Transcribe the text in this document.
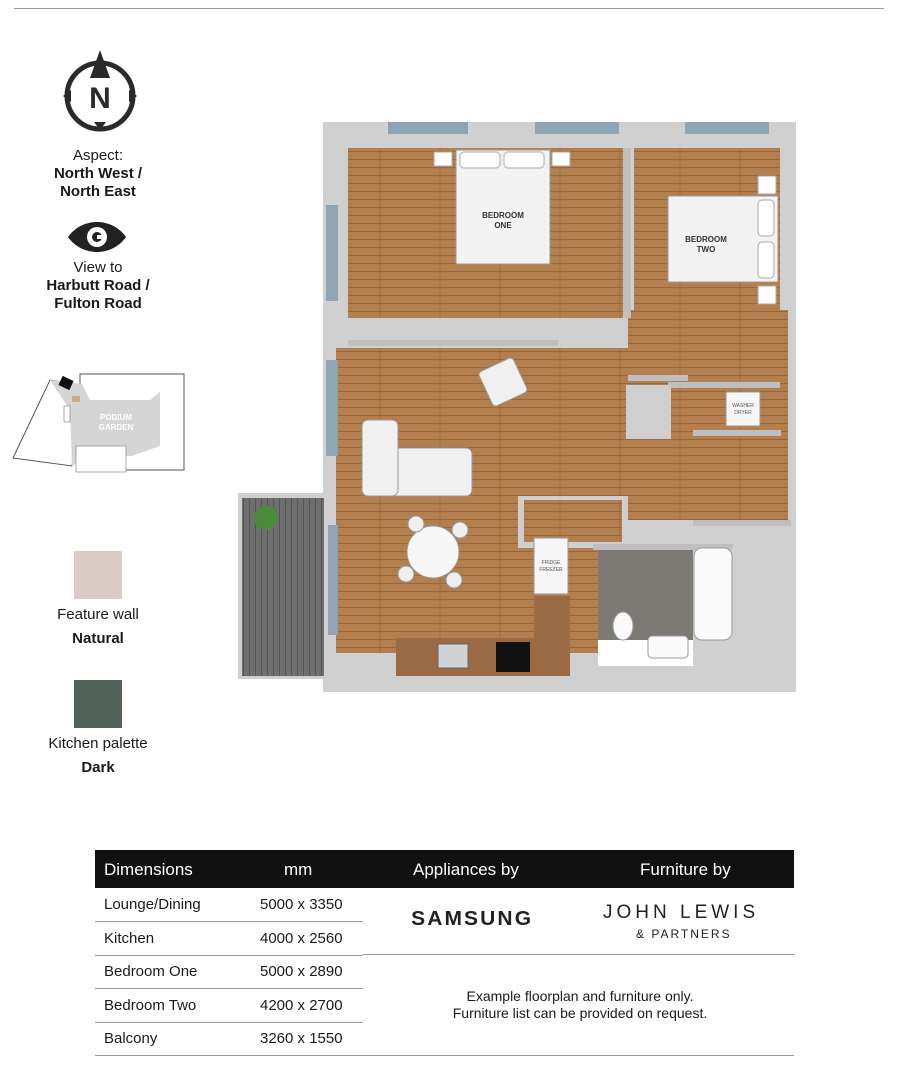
N
Aspect:
North West /
North East
View to
Harbutt Road /
Fulton Road
PODIUM
GARDEN
Feature wall
Natural
Kitchen palette
Dark
BEDROOM
ONE
BEDROOM
TWO
FRIDGE
FREEZER
WASHER
DRYER
Dimensions	mm	Appliances by	Furniture by
Lounge/Dining	5000 x 3350
Kitchen	4000 x 2560
Bedroom One	5000 x 2890
Bedroom Two	4200 x 2700
Balcony	3260 x 1550
SAMSUNG	JOHN LEWIS
& PARTNERS
Example floorplan and furniture only.
Furniture list can be provided on request.
